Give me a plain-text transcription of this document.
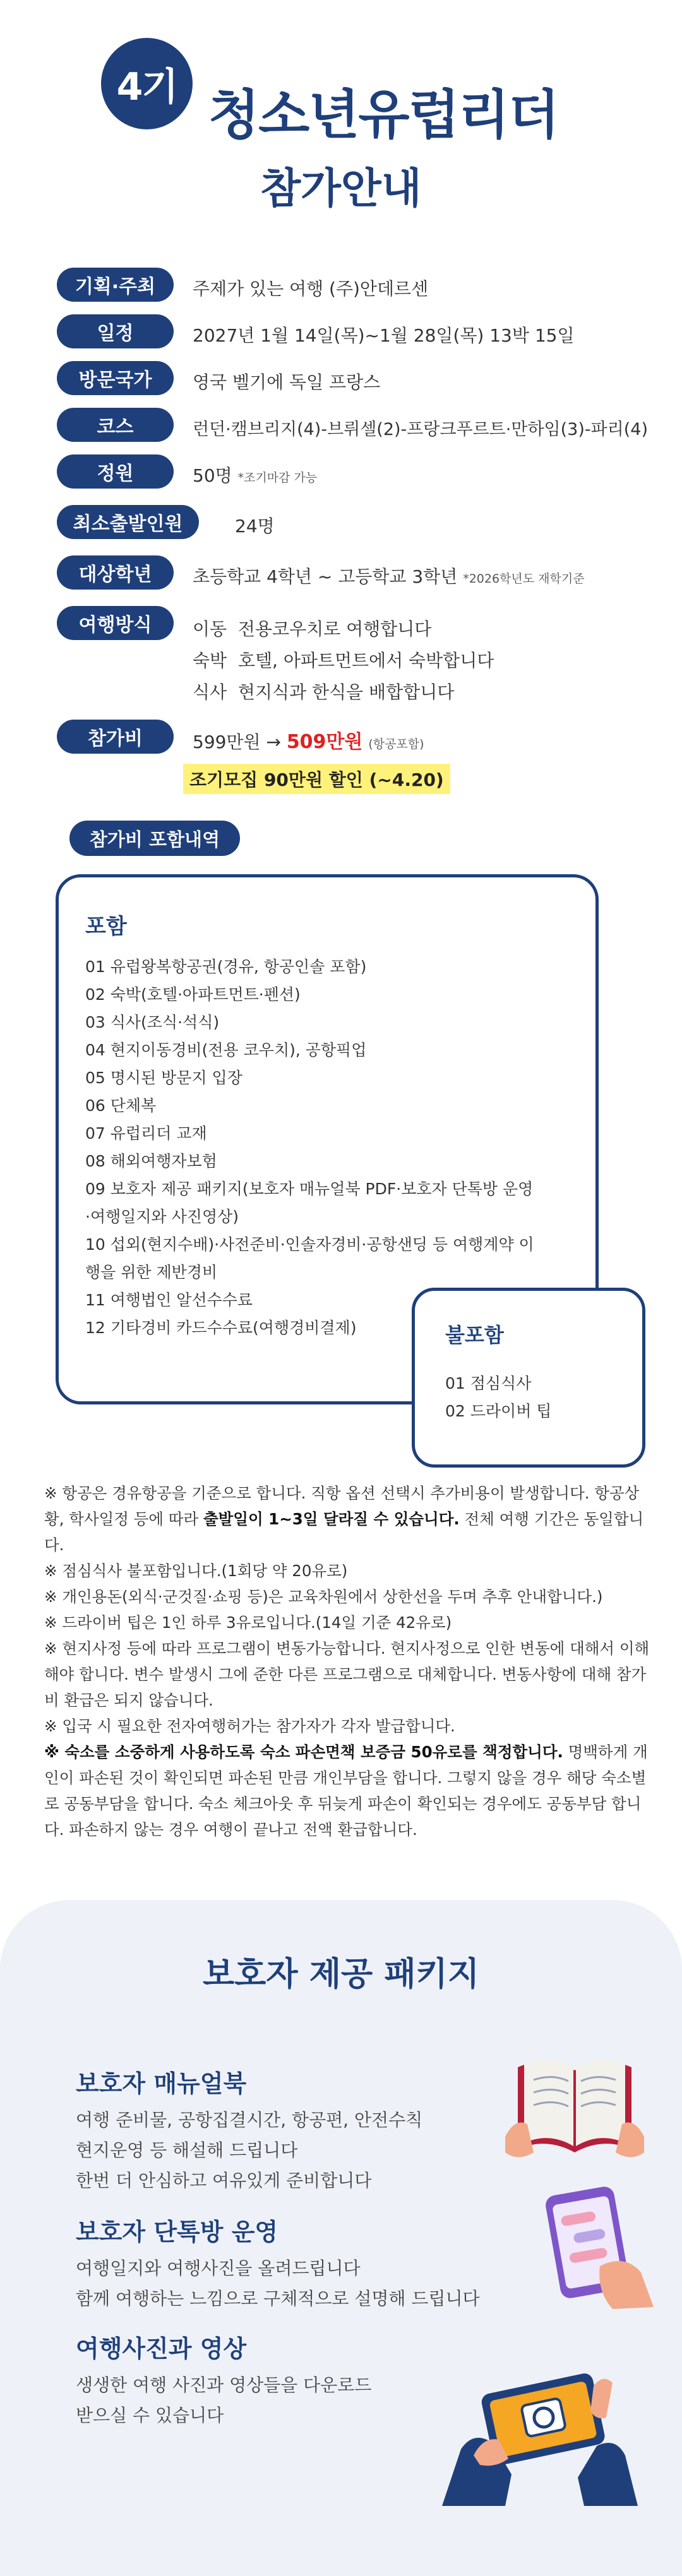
4기 청소년유럽리더
참가안내
기획·주최	주제가 있는 여행 (주)안데르센
일정	2027년 1월 14일(목)~1월 28일(목) 13박 15일
방문국가	영국 벨기에 독일 프랑스
코스	런던·캠브리지(4)-브뤼셀(2)-프랑크푸르트·만하임(3)-파리(4)
정원	50명 *조기마감 가능
최소출발인원	24명
대상학년	초등학교 4학년 ~ 고등학교 3학년 *2026학년도 재학기준
여행방식	이동 전용코우치로 여행합니다
숙박 호텔, 아파트먼트에서 숙박합니다
식사 현지식과 한식을 배합합니다
참가비	599만원 → 509만원 (항공포함)
조기모집 90만원 할인 (~4.20)
참가비 포함내역
포함
01 유럽왕복항공권(경유, 항공인솔 포함)
02 숙박(호텔·아파트먼트·펜션)
03 식사(조식·석식)
04 현지이동경비(전용 코우치), 공항픽업
05 명시된 방문지 입장
06 단체복
07 유럽리더 교재
08 해외여행자보험
09 보호자 제공 패키지(보호자 매뉴얼북 PDF·보호자 단톡방 운영
·여행일지와 사진영상)
10 섭외(현지수배)·사전준비·인솔자경비·공항샌딩 등 여행계약 이
행을 위한 제반경비
11 여행법인 알선수수료
12 기타경비 카드수수료(여행경비결제)	불포함
01 점심식사
02 드라이버 팁

※ 항공은 경유항공을 기준으로 합니다. 직항 옵션 선택시 추가비용이 발생합니다. 항공상황, 학사일정 등에 따라 출발일이 1~3일 달라질 수 있습니다. 전체 여행 기간은 동일합니다.

※ 점심식사 불포함입니다.(1회당 약 20유로)

※ 개인용돈(외식·군것질·쇼핑 등)은 교육차원에서 상한선을 두며 추후 안내합니다.)

※ 드라이버 팁은 1인 하루 3유로입니다.(14일 기준 42유로)

※ 현지사정 등에 따라 프로그램이 변동가능합니다. 현지사정으로 인한 변동에 대해서 이해해야 합니다. 변수 발생시 그에 준한 다른 프로그램으로 대체합니다. 변동사항에 대해 참가비 환급은 되지 않습니다.

※ 입국 시 필요한 전자여행허가는 참가자가 각자 발급합니다.

※ 숙소를 소중하게 사용하도록 숙소 파손면책 보증금 50유로를 책정합니다. 명백하게 개인이 파손된 것이 확인되면 파손된 만큼 개인부담을 합니다. 그렇지 않을 경우 해당 숙소별로 공동부담을 합니다. 숙소 체크아웃 후 뒤늦게 파손이 확인되는 경우에도 공동부담 합니다. 파손하지 않는 경우 여행이 끝나고 전액 환급합니다.

보호자 제공 패키지
보호자 매뉴얼북
여행 준비물, 공항집결시간, 항공편, 안전수칙
현지운영 등 해설해 드립니다
한번 더 안심하고 여유있게 준비합니다
보호자 단톡방 운영
여행일지와 여행사진을 올려드립니다
함께 여행하는 느낌으로 구체적으로 설명해 드립니다
여행사진과 영상
생생한 여행 사진과 영상들을 다운로드
받으실 수 있습니다
